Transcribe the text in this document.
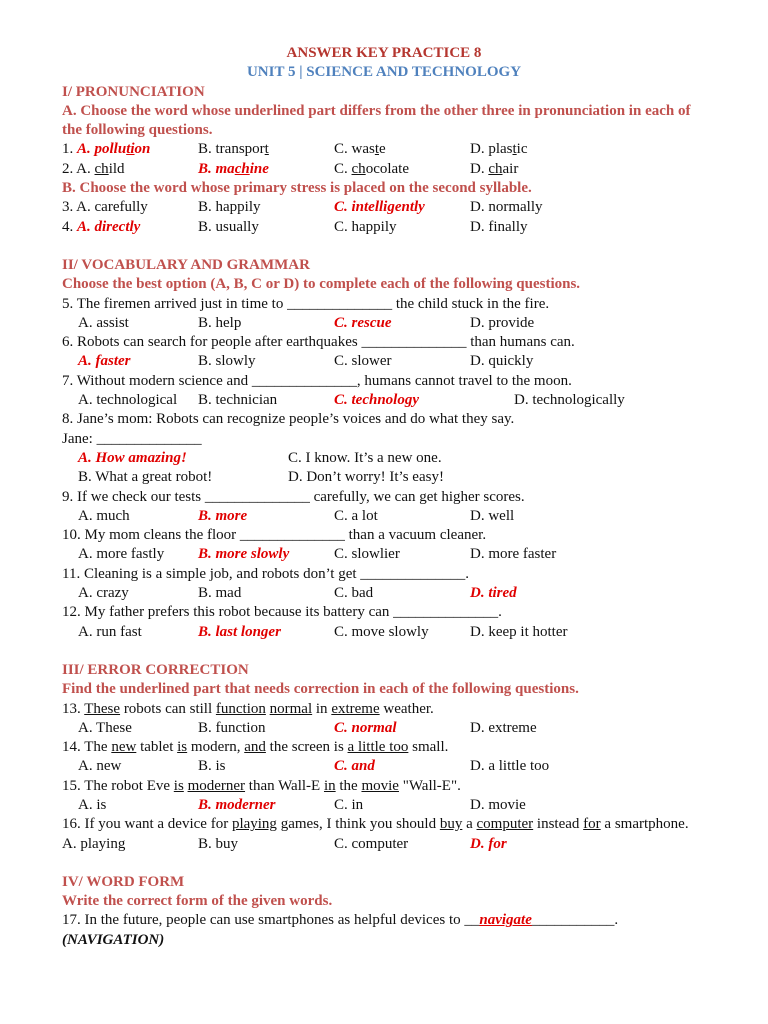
ANSWER KEY PRACTICE 8
UNIT 5 | SCIENCE AND TECHNOLOGY
I/ PRONUNCIATION
A. Choose the word whose underlined part differs from the other three in pronunciation in each of the following questions.
1. A. pollution	B. transport	C. waste	D. plastic
2. A. child	B. machine	C. chocolate	D. chair
B. Choose the word whose primary stress is placed on the second syllable.
3. A. carefully	B. happily	C. intelligently	D. normally
4. A. directly	B. usually	C. happily	D. finally
II/ VOCABULARY AND GRAMMAR
Choose the best option (A, B, C or D) to complete each of the following questions.
5. The firemen arrived just in time to ______________ the child stuck in the fire.
A. assist	B. help	C. rescue	D. provide
6. Robots can search for people after earthquakes ______________ than humans can.
A. faster	B. slowly	C. slower	D. quickly
7. Without modern science and ______________, humans cannot travel to the moon.
A. technological	B. technician	C. technology	D. technologically
8. Jane’s mom: Robots can recognize people’s voices and do what they say.
Jane: ______________
A. How amazing!	C. I know. It’s a new one.
B. What a great robot!	D. Don’t worry! It’s easy!
9. If we check our tests ______________ carefully, we can get higher scores.
A. much	B. more	C. a lot	D. well
10. My mom cleans the floor ______________ than a vacuum cleaner.
A. more fastly	B. more slowly	C. slowlier	D. more faster
11. Cleaning is a simple job, and robots don’t get ______________.
A. crazy	B. mad	C. bad	D. tired
12. My father prefers this robot because its battery can ______________.
A. run fast	B. last longer	C. move slowly	D. keep it hotter
III/ ERROR CORRECTION
Find the underlined part that needs correction in each of the following questions.
13. These robots can still function normal in extreme weather.
A. These	B. function	C. normal	D. extreme
14. The new tablet is modern, and the screen is a little too small.
A. new	B. is	C. and	D. a little too
15. The robot Eve is moderner than Wall-E in the movie "Wall-E".
A. is	B. moderner	C. in	D. movie
16. If you want a device for playing games, I think you should buy a computer instead for a smartphone.
A. playing	B. buy	C. computer	D. for
IV/ WORD FORM
Write the correct form of the given words.
17. In the future, people can use smartphones as helpful devices to __navigate___________.
(NAVIGATION)
